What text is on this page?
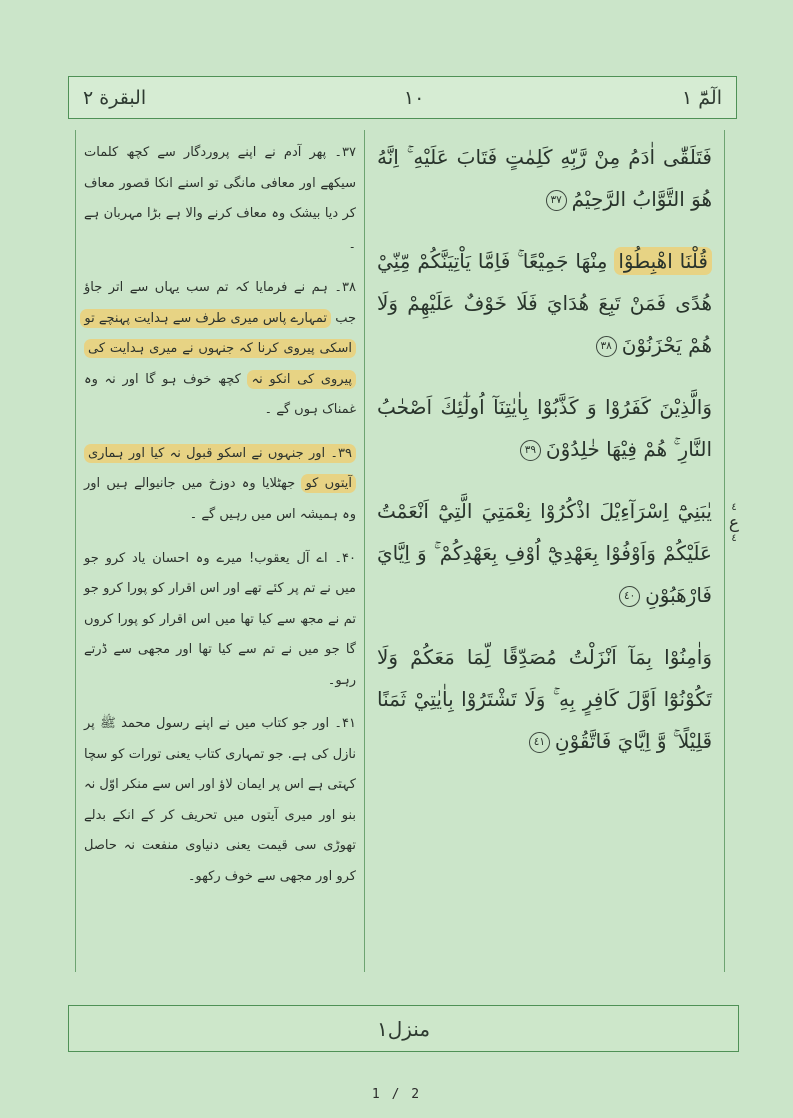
الٓمّٓ ١
١٠
البقرة ٢

۳۷۔ پھر آدم نے اپنے پروردگار سے کچھ کلمات سیکھے اور معافی مانگی تو اسنے انکا قصور معاف کر دیا بیشک وہ معاف کرنے والا ہے بڑا مہربان ہے ۔

۳۸۔ ہم نے فرمایا کہ تم سب یہاں سے اتر جاؤ جب تمہارے پاس میری طرف سے ہدایت پہنچے تو اسکی پیروی کرنا کہ جنہوں نے میری ہدایت کی پیروی کی انکو نہ کچھ خوف ہو گا اور نہ وہ غمناک ہوں گے ۔

۳۹۔ اور جنہوں نے اسکو قبول نہ کیا اور ہماری آیتوں کو جھٹلایا وہ دوزخ میں جانیوالے ہیں اور وہ ہمیشہ اس میں رہیں گے ۔

۴۰۔ اے آل یعقوب! میرے وہ احسان یاد کرو جو میں نے تم پر کئے تھے اور اس اقرار کو پورا کرو جو تم نے مجھ سے کیا تھا میں اس اقرار کو پورا کروں گا جو میں نے تم سے کیا تھا اور مجھی سے ڈرتے رہو۔

۴۱۔ اور جو کتاب میں نے اپنے رسول محمد ﷺ پر نازل کی ہے. جو تمہاری کتاب یعنی تورات کو سچا کہتی ہے اس پر ایمان لاؤ اور اس سے منکر اوّل نہ بنو اور میری آیتوں میں تحریف کر کے انکے بدلے تھوڑی سی قیمت یعنی دنیاوی منفعت نہ حاصل کرو اور مجھی سے خوف رکھو۔

فَتَلَقّٰى اٰدَمُ مِنْ رَّبِّهِ كَلِمٰتٍ فَتَابَ عَلَيْهِ ۚ اِنَّهُ هُوَ التَّوَّابُ الرَّحِيْمُ٣٧

قُلْنَا اهْبِطُوْا مِنْهَا جَمِيْعًا ۚ فَاِمَّا يَاْتِيَنَّكُمْ مِّنِّيْ هُدًى فَمَنْ تَبِعَ هُدَايَ فَلَا خَوْفٌ عَلَيْهِمْ وَلَا هُمْ يَحْزَنُوْنَ٣٨

وَالَّذِيْنَ كَفَرُوْا وَ كَذَّبُوْا بِاٰيٰتِنَآ اُولٰٓئِكَ اَصْحٰبُ النَّارِ ۚ هُمْ فِيْهَا خٰلِدُوْنَ٣٩

يٰبَنِيْٓ اِسْرَآءِيْلَ اذْكُرُوْا نِعْمَتِيَ الَّتِيْٓ اَنْعَمْتُ عَلَيْكُمْ وَاَوْفُوْا بِعَهْدِيْٓ اُوْفِ بِعَهْدِكُمْ ۚ وَ اِيَّايَ فَارْهَبُوْنِ٤٠

وَاٰمِنُوْا بِمَآ اَنْزَلْتُ مُصَدِّقًا لِّمَا مَعَكُمْ وَلَا تَكُوْنُوْٓا اَوَّلَ كَافِرٍ بِهِ ۚ وَلَا تَشْتَرُوْا بِاٰيٰتِيْ ثَمَنًا قَلِيْلًا ۚ وَّ اِيَّايَ فَاتَّقُوْنِ٤١

٤
ع
٤
منزل١
1 / 2
